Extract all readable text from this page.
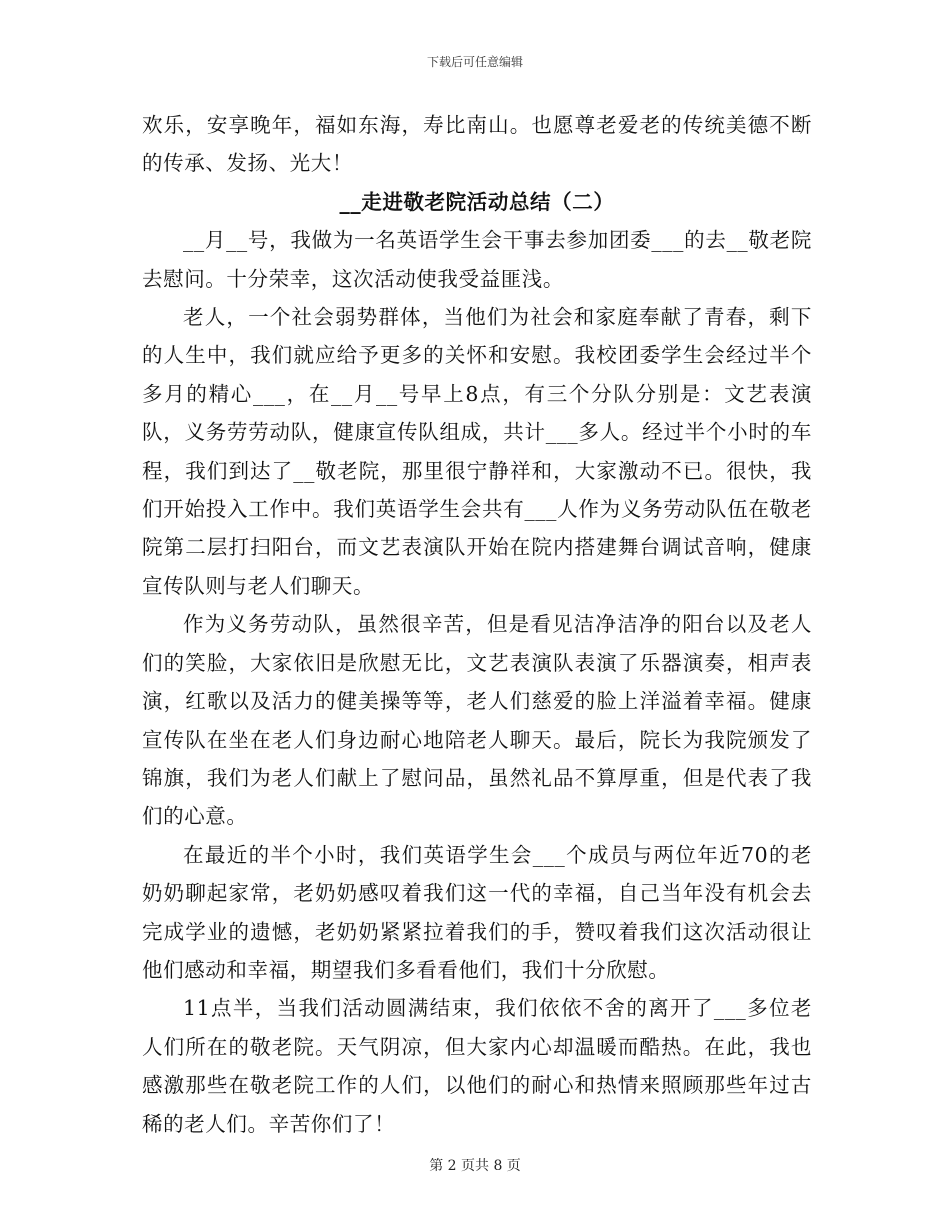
下载后可任意编辑

欢乐，安享晚年，福如东海，寿比南山。也愿尊老爱老的传统美德不断的传承、发扬、光大！

__走进敬老院活动总结（二）

__月__号，我做为一名英语学生会干事去参加团委___的去__敬老院去慰问。十分荣幸，这次活动使我受益匪浅。

老人，一个社会弱势群体，当他们为社会和家庭奉献了青春，剩下的人生中，我们就应给予更多的关怀和安慰。我校团委学生会经过半个多月的精心___，在__月__号早上8点，有三个分队分别是：文艺表演队，义务劳劳动队，健康宣传队组成，共计___多人。经过半个小时的车程，我们到达了__敬老院，那里很宁静祥和，大家激动不已。很快，我们开始投入工作中。我们英语学生会共有___人作为义务劳动队伍在敬老院第二层打扫阳台，而文艺表演队开始在院内搭建舞台调试音响，健康宣传队则与老人们聊天。

作为义务劳动队，虽然很辛苦，但是看见洁净洁净的阳台以及老人们的笑脸，大家依旧是欣慰无比，文艺表演队表演了乐器演奏，相声表演，红歌以及活力的健美操等等，老人们慈爱的脸上洋溢着幸福。健康宣传队在坐在老人们身边耐心地陪老人聊天。最后，院长为我院颁发了锦旗，我们为老人们献上了慰问品，虽然礼品不算厚重，但是代表了我们的心意。

在最近的半个小时，我们英语学生会___个成员与两位年近70的老奶奶聊起家常，老奶奶感叹着我们这一代的幸福，自己当年没有机会去完成学业的遗憾，老奶奶紧紧拉着我们的手，赞叹着我们这次活动很让他们感动和幸福，期望我们多看看他们，我们十分欣慰。

11点半，当我们活动圆满结束，我们依依不舍的离开了___多位老人们所在的敬老院。天气阴凉，但大家内心却温暖而酷热。在此，我也感激那些在敬老院工作的人们，以他们的耐心和热情来照顾那些年过古稀的老人们。辛苦你们了！

第 2 页共 8 页
